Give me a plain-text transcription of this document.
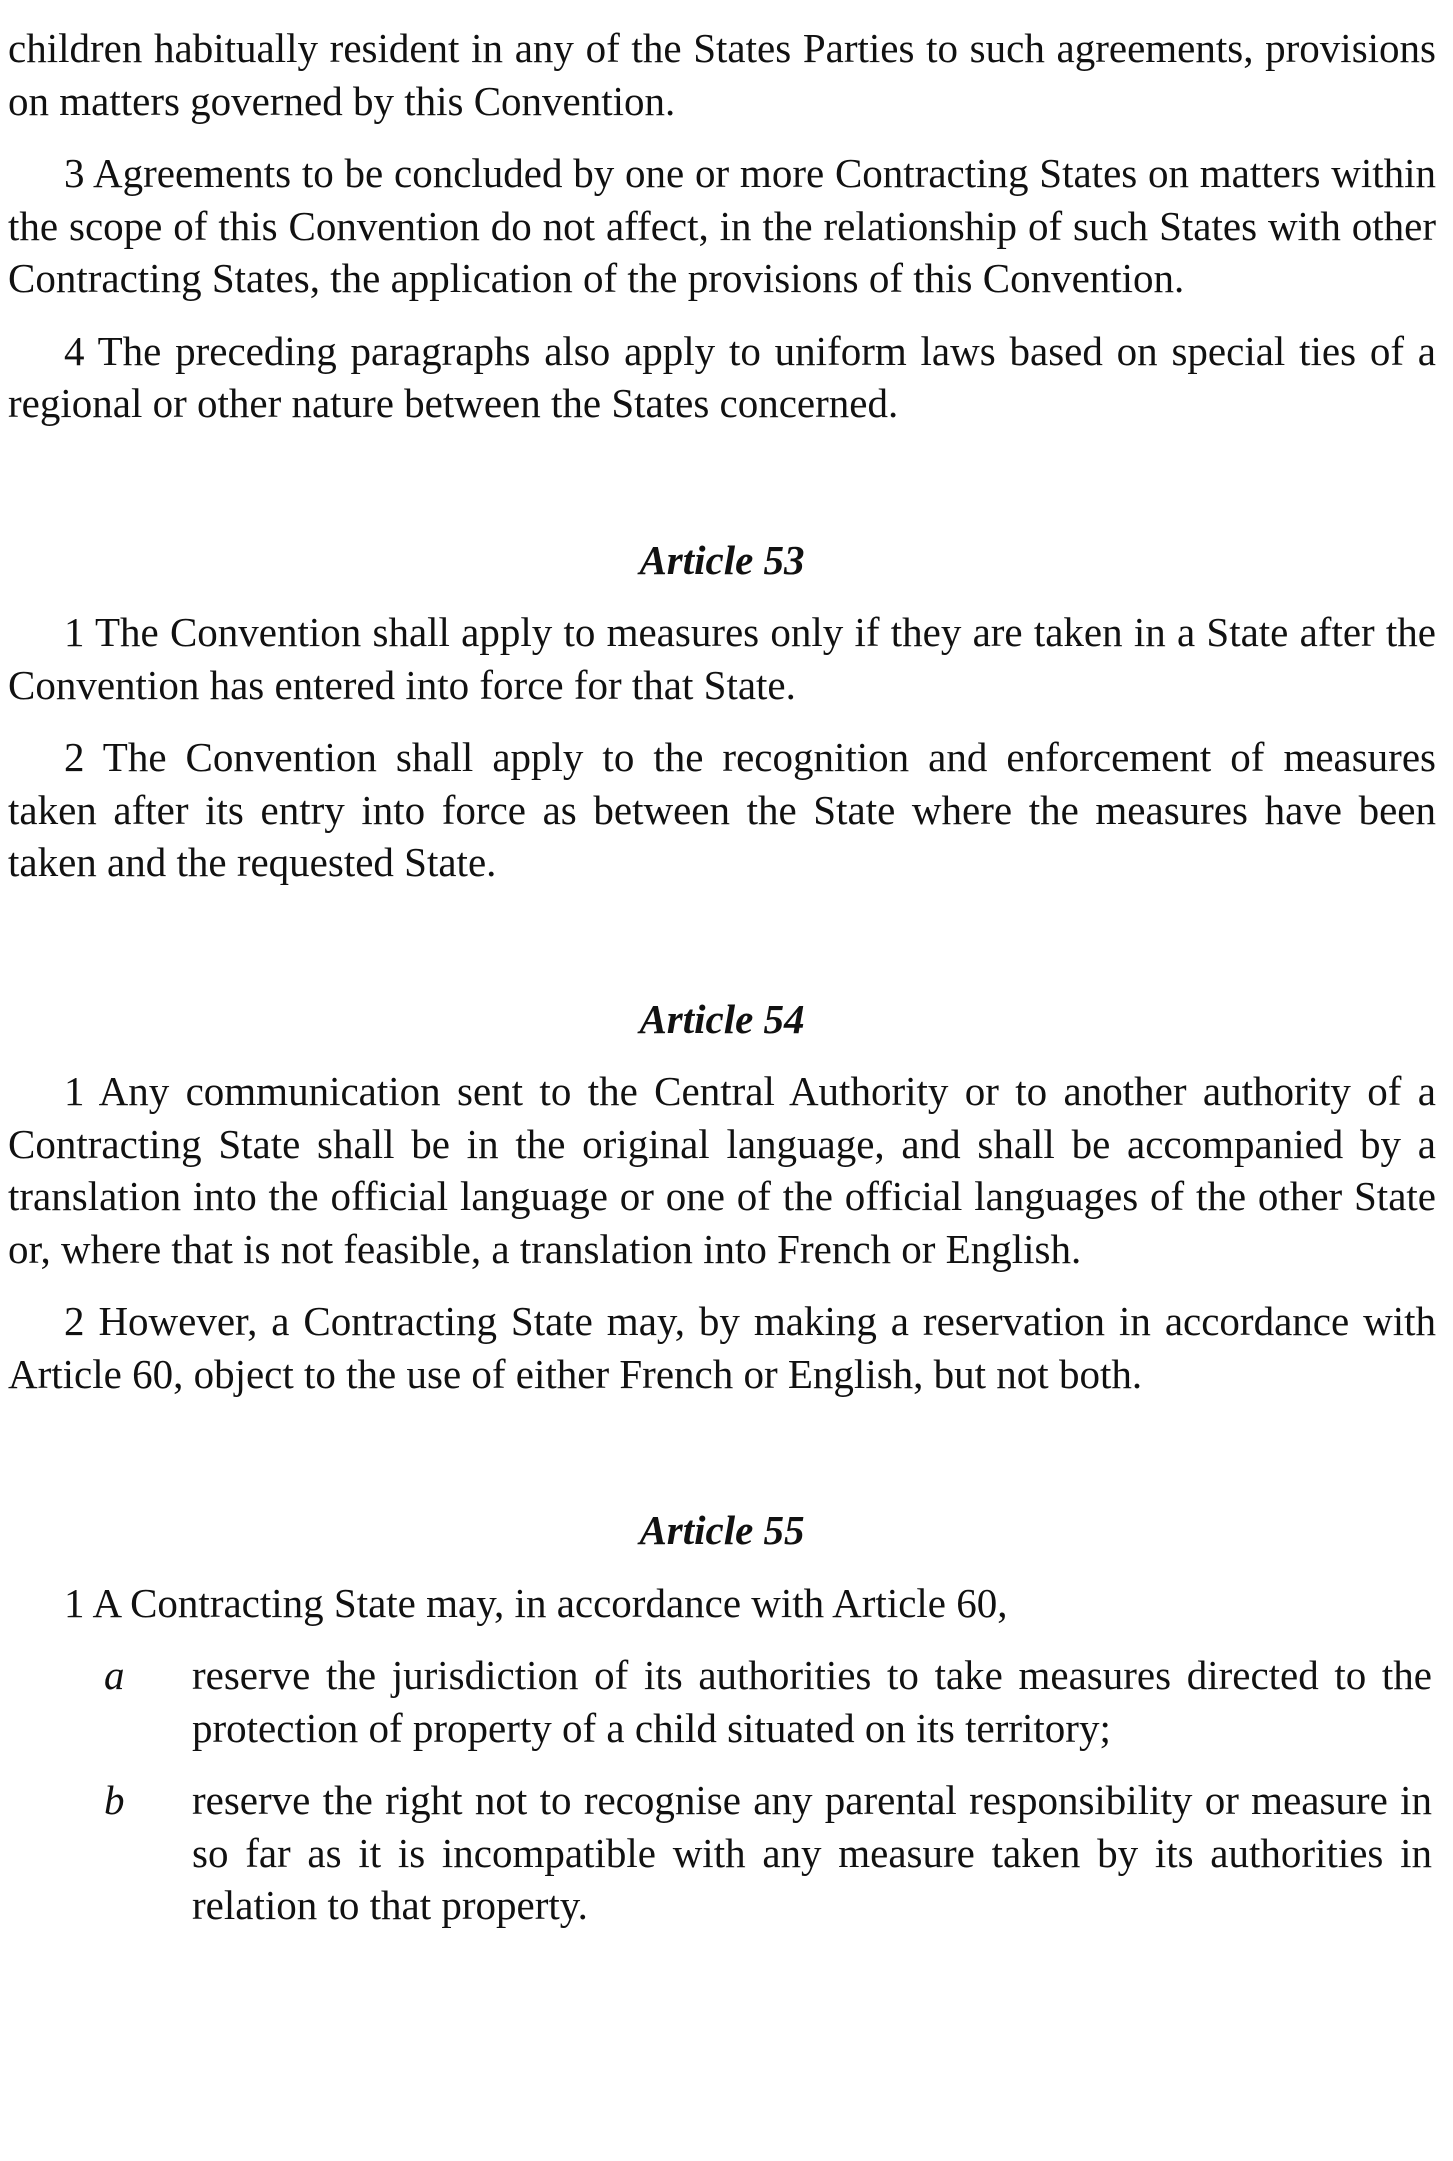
children habitually resident in any of the States Parties to such agreements, provisions on matters governed by this Convention.

3 Agreements to be concluded by one or more Contracting States on matters within the scope of this Convention do not affect, in the relationship of such States with other Contracting States, the application of the provisions of this Convention.

4 The preceding paragraphs also apply to uniform laws based on special ties of a regional or other nature between the States concerned.

Article 53

1 The Convention shall apply to measures only if they are taken in a State after the Convention has entered into force for that State.

2 The Convention shall apply to the recognition and enforcement of measures taken after its entry into force as between the State where the measures have been taken and the requested State.

Article 54

1 Any communication sent to the Central Authority or to another authority of a Contracting State shall be in the original language, and shall be accompanied by a translation into the official language or one of the official languages of the other State or, where that is not feasible, a translation into French or English.

2 However, a Contracting State may, by making a reservation in accordance with Article 60, object to the use of either French or English, but not both.

Article 55

1 A Contracting State may, in accordance with Article 60,

a	reserve the jurisdiction of its authorities to take measures directed to the protection of property of a child situated on its territory;
b	reserve the right not to recognise any parental responsibility or measure in so far as it is incompatible with any measure taken by its authorities in relation to that property.
